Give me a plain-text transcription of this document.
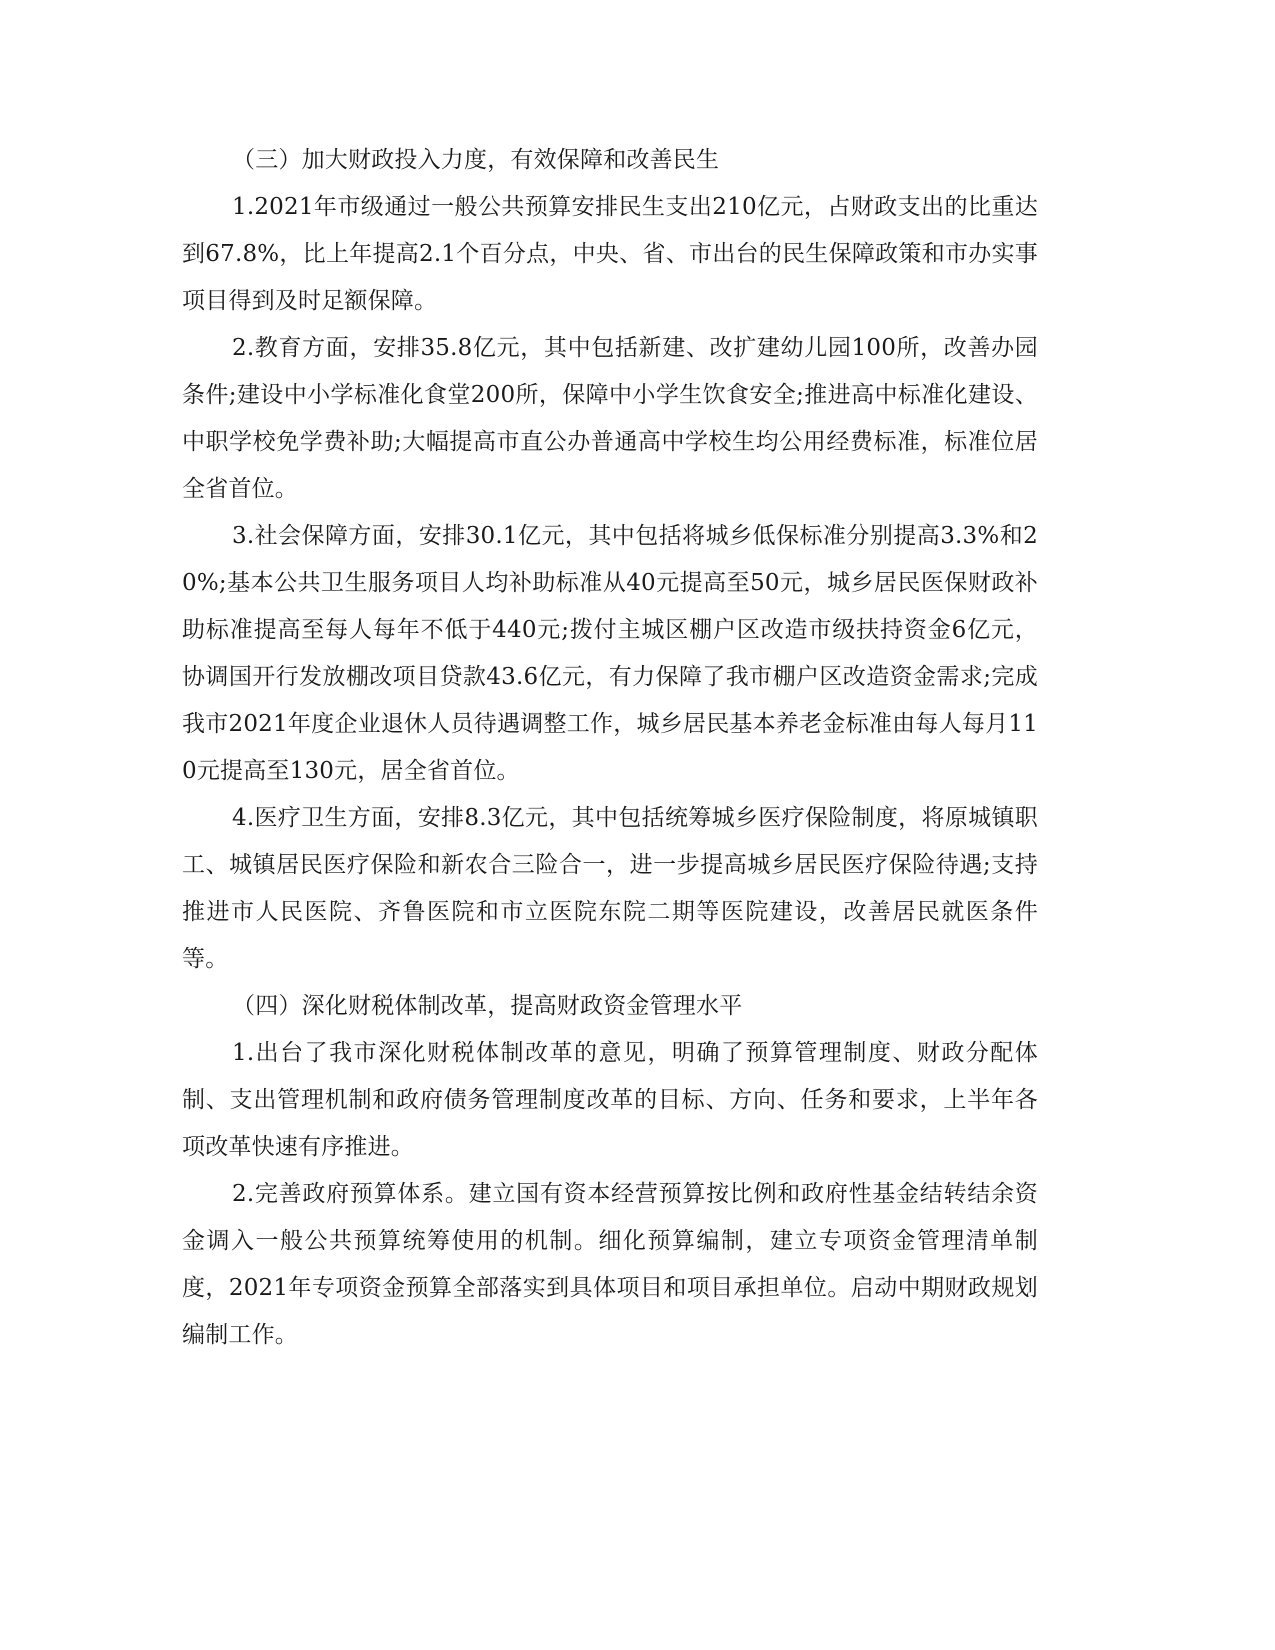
（三）加大财政投入力度，有效保障和改善民生

1.2021年市级通过一般公共预算安排民生支出210亿元，占财政支出的比重达到67.8%，比上年提高2.1个百分点，中央、省、市出台的民生保障政策和市办实事项目得到及时足额保障。

2.教育方面，安排35.8亿元，其中包括新建、改扩建幼儿园100所，改善办园条件;建设中小学标准化食堂200所，保障中小学生饮食安全;推进高中标准化建设、中职学校免学费补助;大幅提高市直公办普通高中学校生均公用经费标准，标准位居全省首位。

3.社会保障方面，安排30.1亿元，其中包括将城乡低保标准分别提高3.3%和20%;基本公共卫生服务项目人均补助标准从40元提高至50元，城乡居民医保财政补助标准提高至每人每年不低于440元;拨付主城区棚户区改造市级扶持资金6亿元，协调国开行发放棚改项目贷款43.6亿元，有力保障了我市棚户区改造资金需求;完成我市2021年度企业退休人员待遇调整工作，城乡居民基本养老金标准由每人每月110元提高至130元，居全省首位。

4.医疗卫生方面，安排8.3亿元，其中包括统筹城乡医疗保险制度，将原城镇职工、城镇居民医疗保险和新农合三险合一，进一步提高城乡居民医疗保险待遇;支持推进市人民医院、齐鲁医院和市立医院东院二期等医院建设，改善居民就医条件等。

（四）深化财税体制改革，提高财政资金管理水平

1.出台了我市深化财税体制改革的意见，明确了预算管理制度、财政分配体制、支出管理机制和政府债务管理制度改革的目标、方向、任务和要求，上半年各项改革快速有序推进。

2.完善政府预算体系。建立国有资本经营预算按比例和政府性基金结转结余资金调入一般公共预算统筹使用的机制。细化预算编制，建立专项资金管理清单制度，2021年专项资金预算全部落实到具体项目和项目承担单位。启动中期财政规划编制工作。
